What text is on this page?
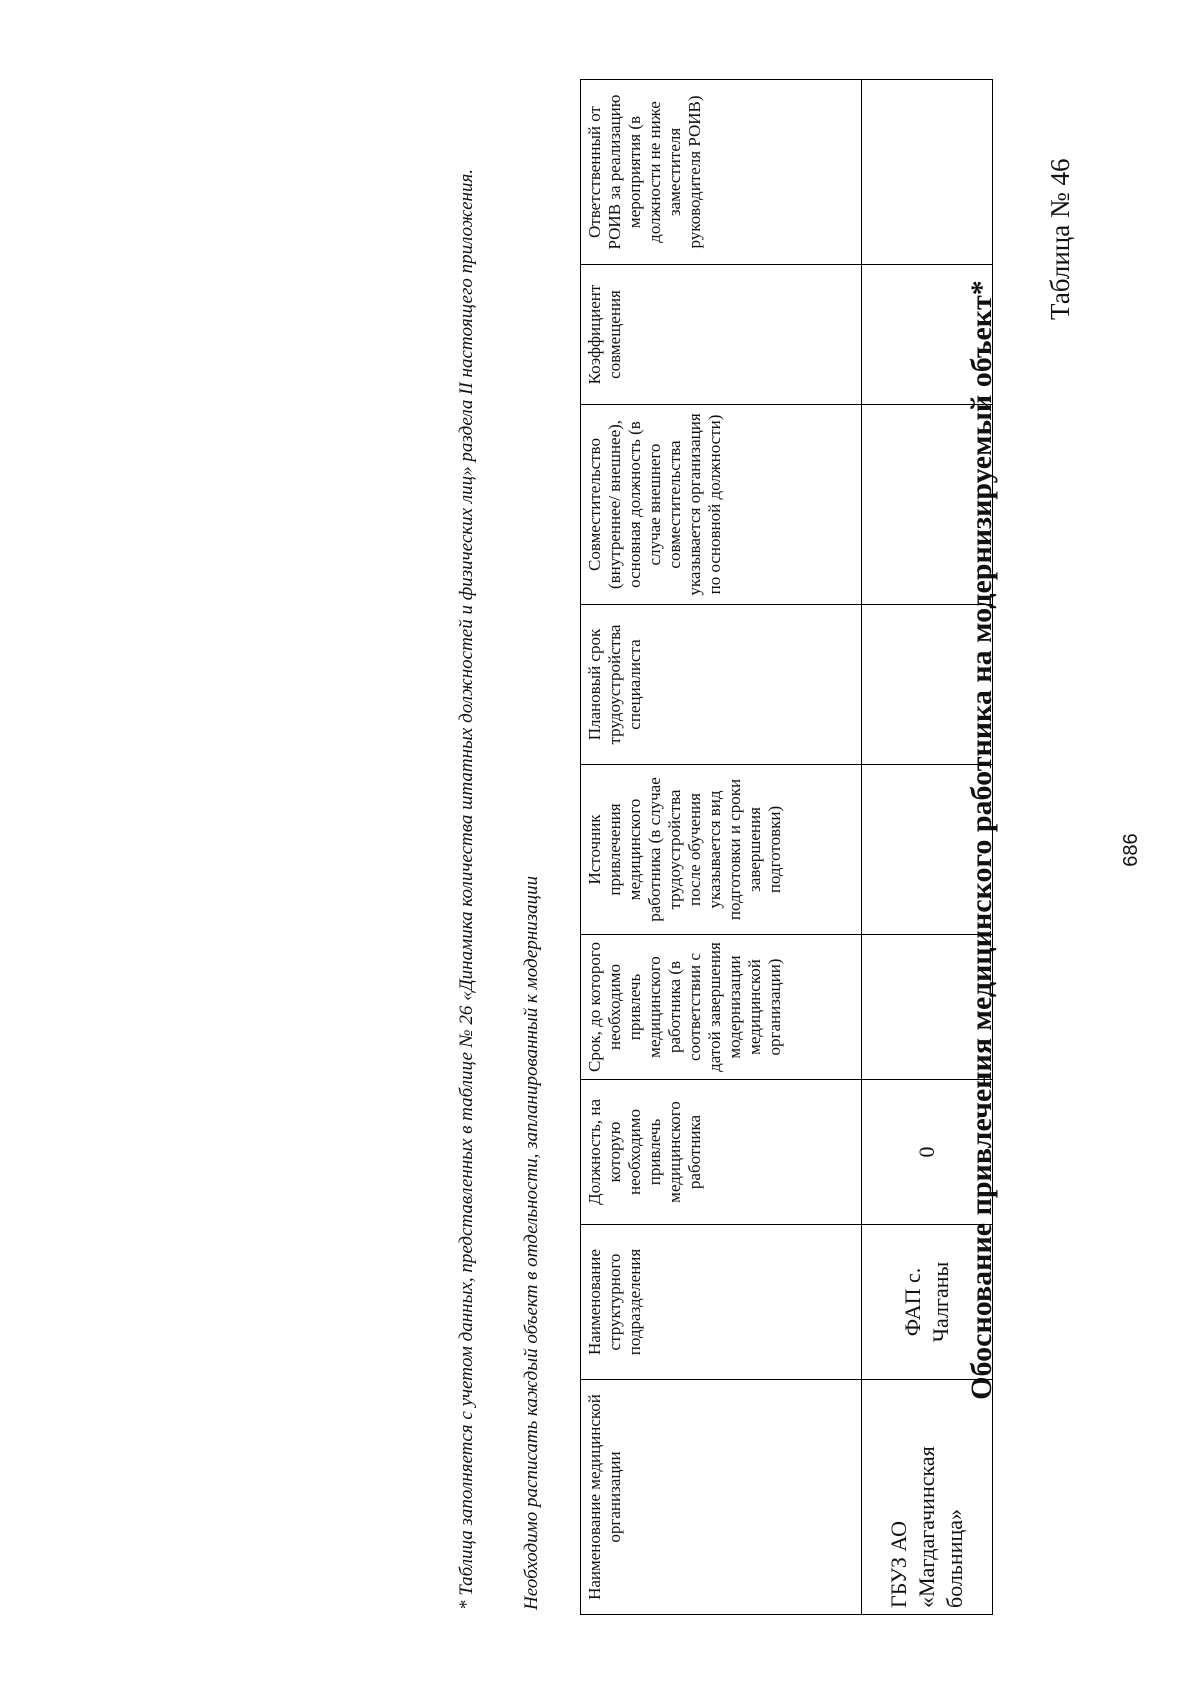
686
Таблица № 46
Обоснование привлечения медицинского работника на модернизируемый объект*
Наименование медицинской организации	Наименование структурного подразделения	Должность, на которую необходимо привлечь медицинского работника	Срок, до которого необходимо привлечь медицинского работника (в соответствии с датой завершения модернизации медицинской организации)	Источник привлечения медицинского работника (в случае трудоустройства после обучения указывается вид подготовки и сроки завершения подготовки)	Плановый срок трудоустройства специалиста	Совместительство (внутреннее/ внешнее), основная должность (в случае внешнего совместительства указывается организация по основной должности)	Коэффициент совмещения	Ответственный от РОИВ за реализацию мероприятия (в должности не ниже заместителя руководителя РОИВ)
ГБУЗ АО «Магдагачинская больница»	ФАП с. Чалганы	0						
Необходимо расписать каждый объект в отдельности, запланированный к модернизации
* Таблица заполняется с учетом данных, представленных в таблице № 26 «Динамика количества штатных должностей и физических лиц» раздела II настоящего приложения.
